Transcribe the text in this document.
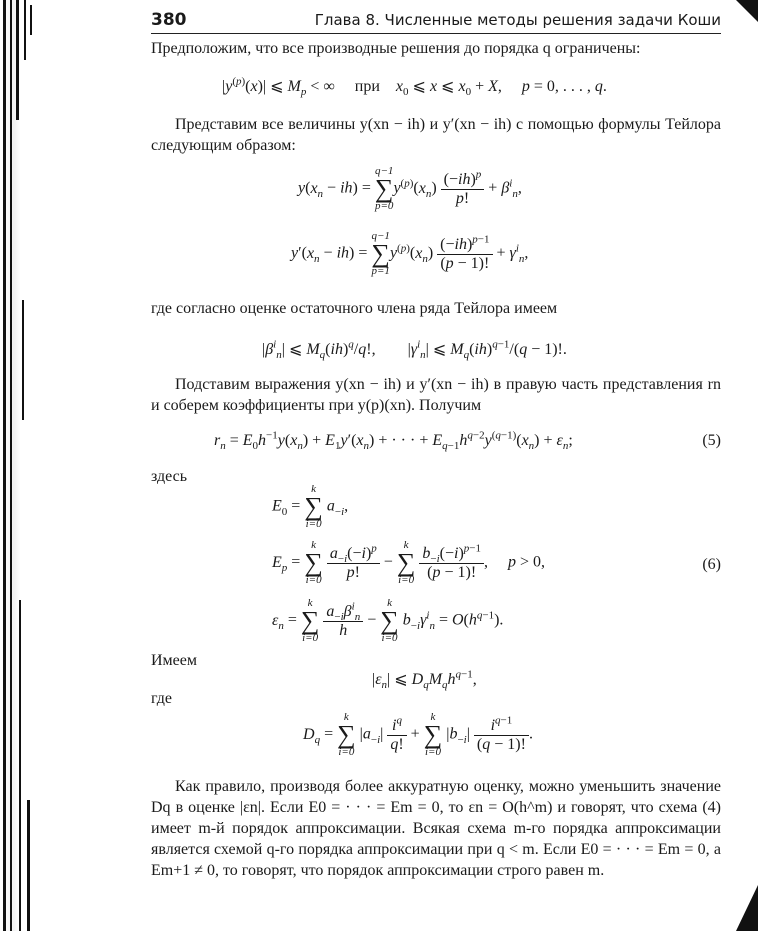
380	Глава 8. Численные методы решения задачи Коши
Предположим, что все производные решения до порядка q ограничены:
$|y^{(p)}(x)|$ ⩽ $M_p$ < ∞     при    $x_0$ ⩽ x ⩽ $x_0 + X$,     p = 0, . . . , q.
Представим все величины y(xn − ih) и y′(xn − ih) с помощью формулы Тейлора следующим образом:
$y(x_n - ih)$ =
q−1
∑
p=0
$y^{(p)}(x_n) \frac{(-ih)^p}{p!} + \beta^i_n$,
$y'(x_n - ih)$ =
q−1
∑
p=1
$y^{(p)}(x_n) \frac{(-ih)^{p-1}}{(p - 1)!} + \gamma^i_n$,
где согласно оценке остаточного члена ряда Тейлора имеем
$|\beta^i_n|$ ⩽ $M_q(ih)^q/q$!,        $|\gamma^i_n|$ ⩽ $M_q(ih)^{q-1}/(q - 1)$!.
Подставим выражения y(xn − ih) и y′(xn − ih) в правую часть представления rn и соберем коэффициенты при y(p)(xn). Получим
$r_n = E_0h^{-1}y(x_n) + E_1y'(x_n)$ + · · · + $E_{q-1}h^{q-2}y^{(q-1)}(x_n) + \varepsilon_n$;	(5)
здесь
$E_0$ =
k
∑
i=0
$a_{-i}$,
$E_p$ =
k
∑
i=0
$\frac{a_{-i}(-i)^p}{p!}$ −
k
∑
i=0
$\frac{b_{-i}(-i)^{p-1}}{(p - 1)!}$ ,     p > 0,	(6)
$\varepsilon_n$ =
k
∑
i=0
$\frac{a_{-i}\beta^i_n}{h}$ −
k
∑
i=0
$b_{-i}\gamma^i_n = O(h^{q-1})$.
Имеем
$|\varepsilon_n|$ ⩽ $D_qM_qh^{q-1}$,
где
$D_q$ =
k
∑
i=0
$|a_{-i}| \frac{i^q}{q!}$ +
k
∑
i=0
$|b_{-i}| \frac{i^{q-1}}{(q - 1)!}$ .
Как правило, производя более аккуратную оценку, можно уменьшить значение Dq в оценке |εn|. Если E0 = · · · = Em = 0, то εn = O(h^m) и говорят, что схема (4) имеет m-й порядок аппроксимации. Всякая схема m-го порядка аппроксимации является схемой q-го порядка аппроксимации при q < m. Если E0 = · · · = Em = 0, а Em+1 ≠ 0, то говорят, что порядок аппроксимации строго равен m.
